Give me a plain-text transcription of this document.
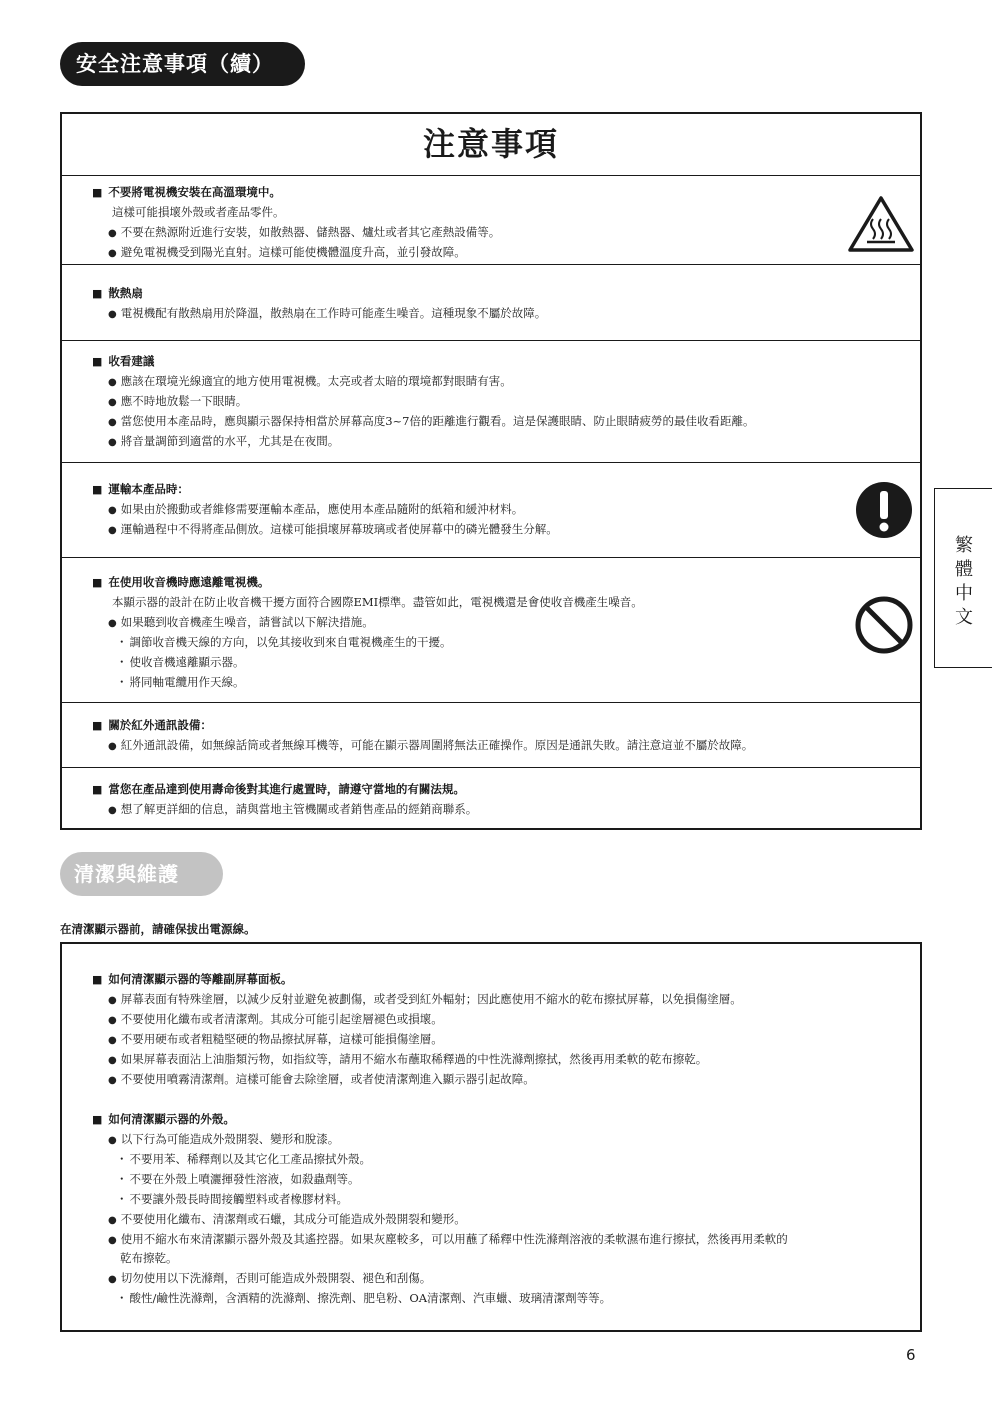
安全注意事項（續）
注意事項
■ 不要將電視機安裝在高溫環境中。
這樣可能損壞外殼或者產品零件。
● 不要在熱源附近進行安裝，如散熱器、儲熱器、爐灶或者其它產熱設備等。
● 避免電視機受到陽光直射。這樣可能使機體溫度升高，並引發故障。
■ 散熱扇
● 電視機配有散熱扇用於降溫，散熱扇在工作時可能產生噪音。這種現象不屬於故障。
■ 收看建議
● 應該在環境光線適宜的地方使用電視機。太亮或者太暗的環境都對眼睛有害。
● 應不時地放鬆一下眼睛。
● 當您使用本產品時，應與顯示器保持相當於屏幕高度3~7倍的距離進行觀看。這是保護眼睛、防止眼睛疲勞的最佳收看距離。
● 將音量調節到適當的水平，尤其是在夜間。
■ 運輸本產品時：
● 如果由於搬動或者維修需要運輸本產品，應使用本產品隨附的紙箱和緩沖材料。
● 運輸過程中不得將產品側放。這樣可能損壞屏幕玻璃或者使屏幕中的磷光體發生分解。
■ 在使用收音機時應遠離電視機。
本顯示器的設計在防止收音機干擾方面符合國際EMI標準。盡管如此，電視機還是會使收音機產生噪音。
● 如果聽到收音機產生噪音，請嘗試以下解決措施。
・ 調節收音機天線的方向，以免其接收到來自電視機產生的干擾。
・ 使收音機遠離顯示器。
・ 將同軸電纜用作天線。
■ 關於紅外通訊設備：
● 紅外通訊設備，如無線話筒或者無線耳機等，可能在顯示器周圍將無法正確操作。原因是通訊失敗。請注意這並不屬於故障。
■ 當您在產品達到使用壽命後對其進行處置時，請遵守當地的有關法規。
● 想了解更詳細的信息，請與當地主管機關或者銷售產品的經銷商聯系。
繁
體
中
文
清潔與維護
在清潔顯示器前，請確保拔出電源線。
■ 如何清潔顯示器的等離副屏幕面板。
● 屏幕表面有特殊塗層，以減少反射並避免被劃傷，或者受到紅外輻射；因此應使用不縮水的乾布擦拭屏幕，以免損傷塗層。
● 不要使用化纖布或者清潔劑。其成分可能引起塗層褪色或損壞。
● 不要用硬布或者粗糙堅硬的物品擦拭屏幕，這樣可能損傷塗層。
● 如果屏幕表面沾上油脂類污物，如指紋等，請用不縮水布蘸取稀釋過的中性洗滌劑擦拭，然後再用柔軟的乾布擦乾。
● 不要使用噴霧清潔劑。這樣可能會去除塗層，或者使清潔劑進入顯示器引起故障。
■ 如何清潔顯示器的外殼。
● 以下行為可能造成外殼開裂、變形和脫漆。
・ 不要用苯、稀釋劑以及其它化工產品擦拭外殼。
・ 不要在外殼上噴灑揮發性溶液，如殺蟲劑等。
・ 不要讓外殼長時間接觸塑料或者橡膠材料。
● 不要使用化纖布、清潔劑或石蠟，其成分可能造成外殼開裂和變形。
● 使用不縮水布來清潔顯示器外殼及其遙控器。如果灰塵較多，可以用蘸了稀釋中性洗滌劑溶液的柔軟濕布進行擦拭，然後再用柔軟的
乾布擦乾。
● 切勿使用以下洗滌劑，否則可能造成外殼開裂、褪色和刮傷。
・ 酸性/鹼性洗滌劑，含酒精的洗滌劑、擦洗劑、肥皂粉、OA清潔劑、汽車蠟、玻璃清潔劑等等。
6
